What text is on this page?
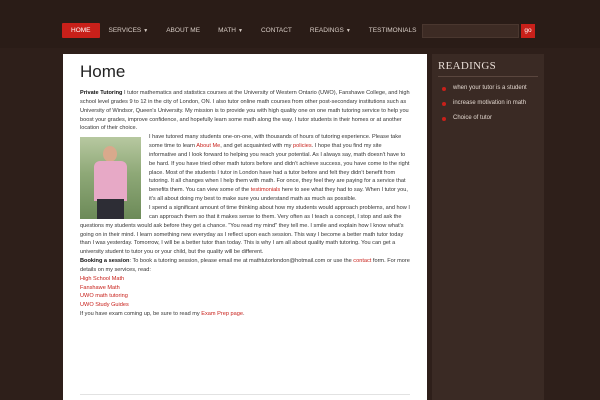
HOME	SERVICES ▼	ABOUT ME	MATH ▼	CONTACT	READINGS ▼	TESTIMONIALS	go
Home

Private Tutoring I tutor mathematics and statistics courses at the University of Western Ontario (UWO), Fanshawe College, and high school level grades 9 to 12 in the city of London, ON. I also tutor online math courses from other post-secondary institutions such as University of Windsor, Queen's University. My mission is to provide you with high quality one on one math tutoring service to help you boost your grades, improve confidence, and hopefully learn some math along the way. I tutor students in their homes or at another location of their choice.

I have tutored many students one-on-one, with thousands of hours of tutoring experience. Please take some time to learn About Me, and get acquainted with my policies. I hope that you find my site informative and I look forward to helping you reach your potential. As I always say, math doesn't have to be hard. If you have tried other math tutors before and didn't achieve success, you have come to the right place. Most of the students I tutor in London have had a tutor before and felt they didn't benefit from tutoring. It all changes when I help them with math. For once, they feel they are paying for a service that benefits them. You can view some of the testimonials here to see what they had to say. When I tutor you, it's all about doing my best to make sure you understand math as much as possible.

I spend a significant amount of time thinking about how my students would approach problems, and how I can approach them so that it makes sense to them. Very often as I teach a concept, I stop and ask the questions my students would ask before they get a chance. "You read my mind" they tell me. I smile and explain how I know what's going on in their mind. I learn something new everyday as I reflect upon each session. This way I become a better math tutor today than I was yesterday. Tomorrow, I will be a better tutor than today. This is why I am all about quality math tutoring. You can get a university student to tutor you or your child, but the quality will be different.

Booking a session: To book a tutoring session, please email me at mathtutorlondon@hotmail.com or use the contact form. For more details on my services, read:

High School Math
Fanshawe Math
UWO math tutoring
UWO Study Guides

If you have exam coming up, be sure to read my Exam Prep page.

READINGS
when your tutor is a student
increase motivation in math
Choice of tutor
